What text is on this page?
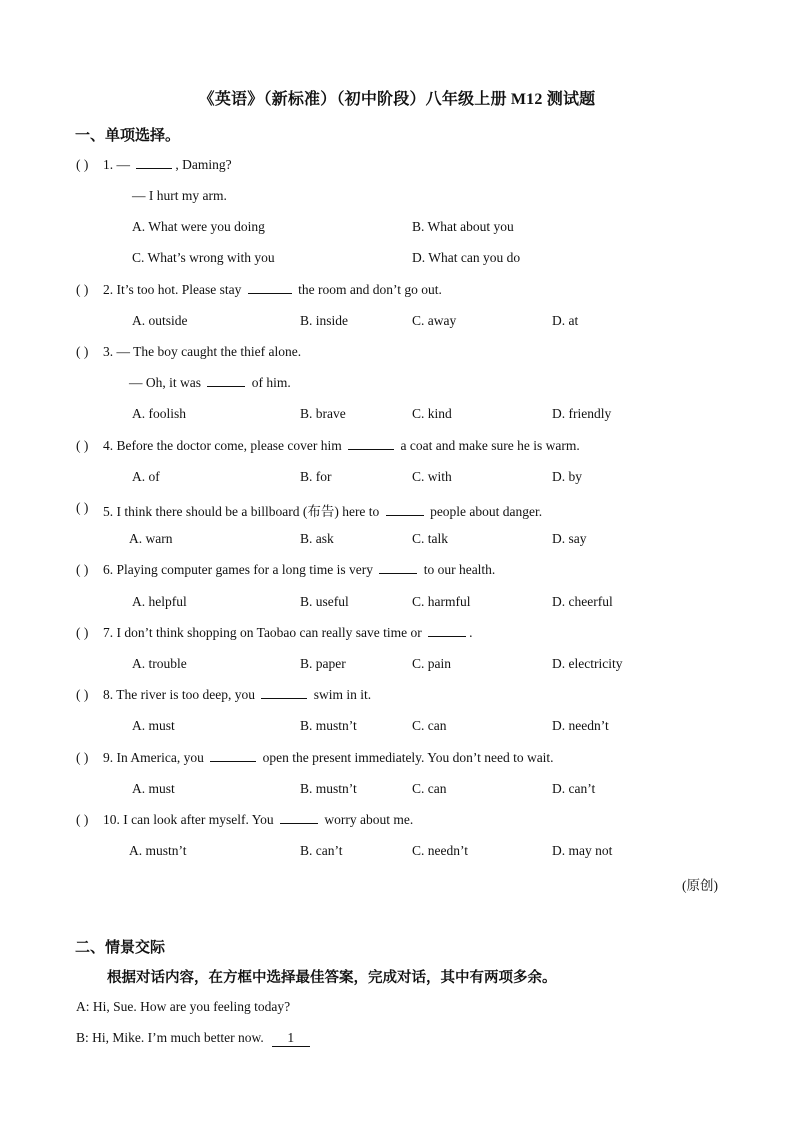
《英语》（新标准）（初中阶段）八年级上册 M12 测试题
一、单项选择。
( ) 1. —	, Daming?
— I hurt my arm.
A. What were you doing	B. What about you
C. What’s wrong with you	D. What can you do
( ) 2. It’s too hot. Please stay	the room and don’t go out.
A. outside	B. inside	C. away	D. at
( ) 3. — The boy caught the thief alone.
— Oh, it was	of him.
A. foolish	B. brave	C. kind	D. friendly
( ) 4. Before the doctor come, please cover him	a coat and make sure he is warm.
A. of	B. for	C. with	D. by
( ) 5. I think there should be a billboard (布告) here to	people about danger.
A. warn	B. ask	C. talk	D. say
( ) 6. Playing computer games for a long time is very	to our health.
A. helpful	B. useful	C. harmful	D. cheerful
( ) 7. I don’t think shopping on Taobao can really save time or	.
A. trouble	B. paper	C. pain	D. electricity
( ) 8. The river is too deep, you	swim in it.
A. must	B. mustn’t	C. can	D. needn’t
( ) 9. In America, you	open the present immediately. You don’t need to wait.
A. must	B. mustn’t	C. can	D. can’t
( ) 10. I can look after myself. You	worry about me.
A. mustn’t	B. can’t	C. needn’t	D. may not
(原创)
二、情景交际
根据对话内容，在方框中选择最佳答案，完成对话，其中有两项多余。
A: Hi, Sue. How are you feeling today?
B: Hi, Mike. I’m much better now. 1
